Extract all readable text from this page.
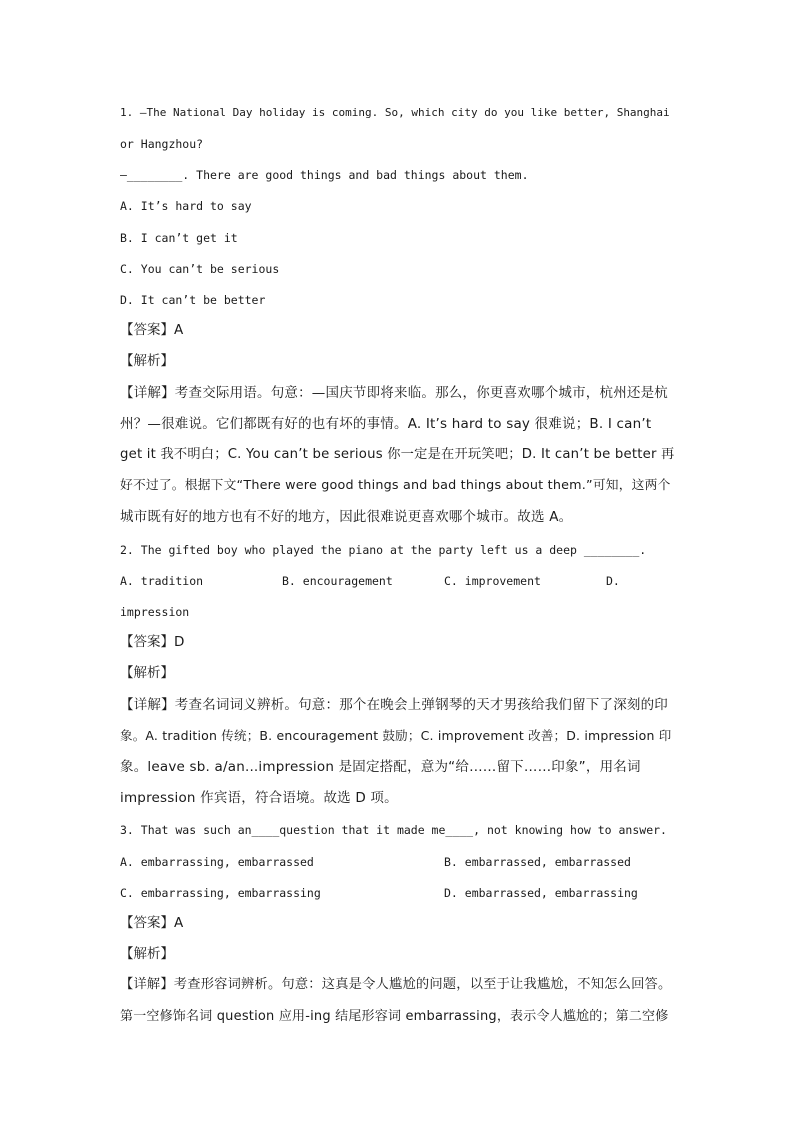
1. —The National Day holiday is coming. So, which city do you like better, Shanghai
or Hangzhou?
—________. There are good things and bad things about them.
A. It’s hard to say
B. I can’t get it
C. You can’t be serious
D. It can’t be better
【答案】A
【解析】
【详解】考查交际用语。句意：—国庆节即将来临。那么，你更喜欢哪个城市，杭州还是杭
州？—很难说。它们都既有好的也有坏的事情。A. It’s hard to say 很难说；B. I can’t
get it 我不明白；C. You can’t be serious 你一定是在开玩笑吧；D. It can’t be better 再
好不过了。根据下文“There were good things and bad things about them.”可知，这两个
城市既有好的地方也有不好的地方，因此很难说更喜欢哪个城市。故选 A。
2. The gifted boy who played the piano at the party left us a deep ________.
A. tradition	B. encouragement	C. improvement	D.
impression
【答案】D
【解析】
【详解】考查名词词义辨析。句意：那个在晚会上弹钢琴的天才男孩给我们留下了深刻的印
象。A. tradition 传统；B. encouragement 鼓励；C. improvement 改善；D. impression 印
象。leave sb. a/an...impression 是固定搭配，意为“给……留下……印象”，用名词
impression 作宾语，符合语境。故选 D 项。
3. That was such an____question that it made me____, not knowing how to answer.
A. embarrassing, embarrassed	B. embarrassed, embarrassed
C. embarrassing, embarrassing	D. embarrassed, embarrassing
【答案】A
【解析】
【详解】考查形容词辨析。句意：这真是令人尴尬的问题，以至于让我尴尬，不知怎么回答。
第一空修饰名词 question 应用-ing 结尾形容词 embarrassing，表示令人尴尬的；第二空修
